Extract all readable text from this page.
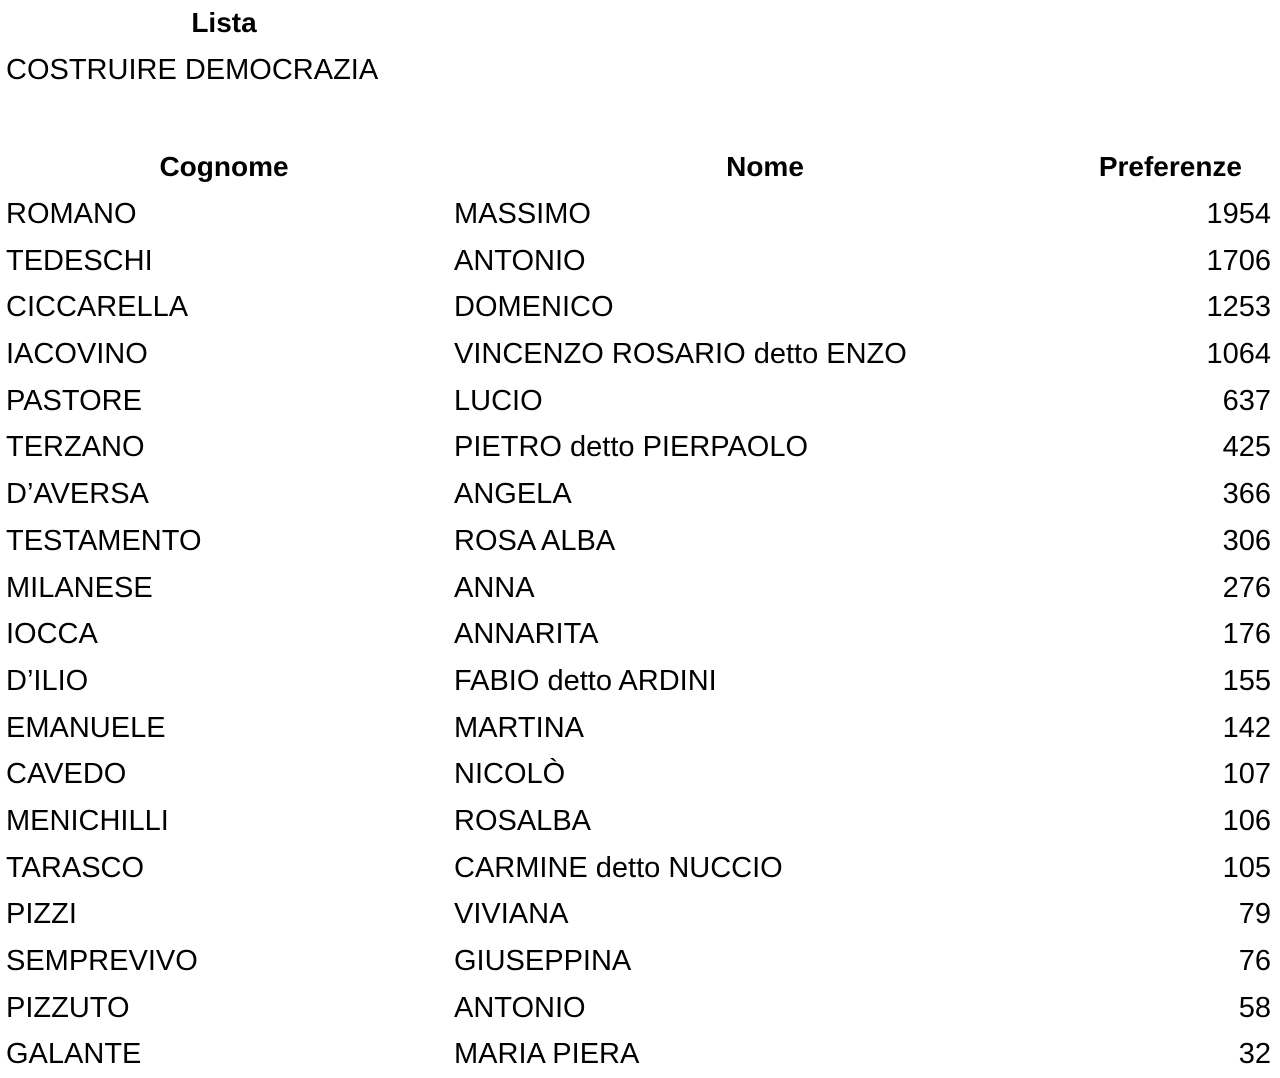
Lista
COSTRUIRE DEMOCRAZIA
Cognome	Nome	Preferenze
ROMANO	MASSIMO	1954
TEDESCHI	ANTONIO	1706
CICCARELLA	DOMENICO	1253
IACOVINO	VINCENZO ROSARIO detto ENZO	1064
PASTORE	LUCIO	637
TERZANO	PIETRO detto PIERPAOLO	425
D’AVERSA	ANGELA	366
TESTAMENTO	ROSA ALBA	306
MILANESE	ANNA	276
IOCCA	ANNARITA	176
D’ILIO	FABIO detto ARDINI	155
EMANUELE	MARTINA	142
CAVEDO	NICOLÒ	107
MENICHILLI	ROSALBA	106
TARASCO	CARMINE detto NUCCIO	105
PIZZI	VIVIANA	79
SEMPREVIVO	GIUSEPPINA	76
PIZZUTO	ANTONIO	58
GALANTE	MARIA PIERA	32
